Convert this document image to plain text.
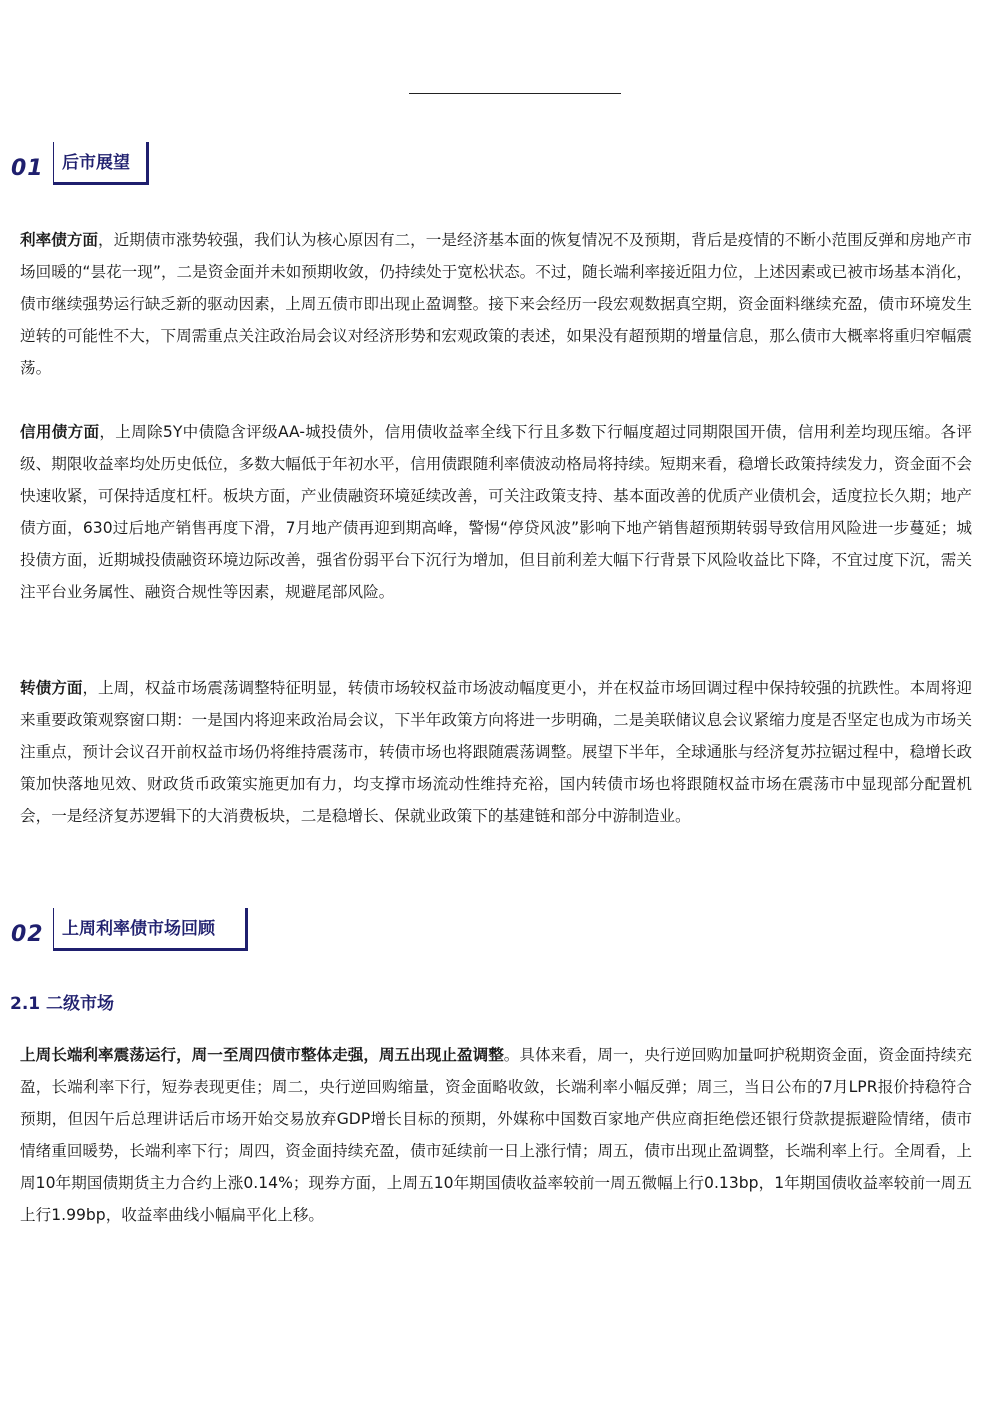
01	后市展望

利率债方面，近期债市涨势较强，我们认为核心原因有二，一是经济基本面的恢复情况不及预期，背后是疫情的不断小范围反弹和房地产市场回暖的“昙花一现”，二是资金面并未如预期收敛，仍持续处于宽松状态。不过，随长端利率接近阻力位，上述因素或已被市场基本消化，债市继续强势运行缺乏新的驱动因素，上周五债市即出现止盈调整。接下来会经历一段宏观数据真空期，资金面料继续充盈，债市环境发生逆转的可能性不大，下周需重点关注政治局会议对经济形势和宏观政策的表述，如果没有超预期的增量信息，那么债市大概率将重归窄幅震荡。

信用债方面，上周除5Y中债隐含评级AA-城投债外，信用债收益率全线下行且多数下行幅度超过同期限国开债，信用利差均现压缩。各评级、期限收益率均处历史低位，多数大幅低于年初水平，信用债跟随利率债波动格局将持续。短期来看，稳增长政策持续发力，资金面不会快速收紧，可保持适度杠杆。板块方面，产业债融资环境延续改善，可关注政策支持、基本面改善的优质产业债机会，适度拉长久期；地产债方面，630过后地产销售再度下滑，7月地产债再迎到期高峰，警惕“停贷风波”影响下地产销售超预期转弱导致信用风险进一步蔓延；城投债方面，近期城投债融资环境边际改善，强省份弱平台下沉行为增加，但目前利差大幅下行背景下风险收益比下降，不宜过度下沉，需关注平台业务属性、融资合规性等因素，规避尾部风险。

转债方面，上周，权益市场震荡调整特征明显，转债市场较权益市场波动幅度更小，并在权益市场回调过程中保持较强的抗跌性。本周将迎来重要政策观察窗口期：一是国内将迎来政治局会议，下半年政策方向将进一步明确，二是美联储议息会议紧缩力度是否坚定也成为市场关注重点，预计会议召开前权益市场仍将维持震荡市，转债市场也将跟随震荡调整。展望下半年，全球通胀与经济复苏拉锯过程中，稳增长政策加快落地见效、财政货币政策实施更加有力，均支撑市场流动性维持充裕，国内转债市场也将跟随权益市场在震荡市中显现部分配置机会，一是经济复苏逻辑下的大消费板块，二是稳增长、保就业政策下的基建链和部分中游制造业。

02	上周利率债市场回顾
2.1 二级市场

上周长端利率震荡运行，周一至周四债市整体走强，周五出现止盈调整。具体来看，周一，央行逆回购加量呵护税期资金面，资金面持续充盈，长端利率下行，短券表现更佳；周二，央行逆回购缩量，资金面略收敛，长端利率小幅反弹；周三，当日公布的7月LPR报价持稳符合预期，但因午后总理讲话后市场开始交易放弃GDP增长目标的预期，外媒称中国数百家地产供应商拒绝偿还银行贷款提振避险情绪，债市情绪重回暖势，长端利率下行；周四，资金面持续充盈，债市延续前一日上涨行情；周五，债市出现止盈调整，长端利率上行。全周看，上周10年期国债期货主力合约上涨0.14%；现券方面，上周五10年期国债收益率较前一周五微幅上行0.13bp，1年期国债收益率较前一周五上行1.99bp，收益率曲线小幅扁平化上移。
